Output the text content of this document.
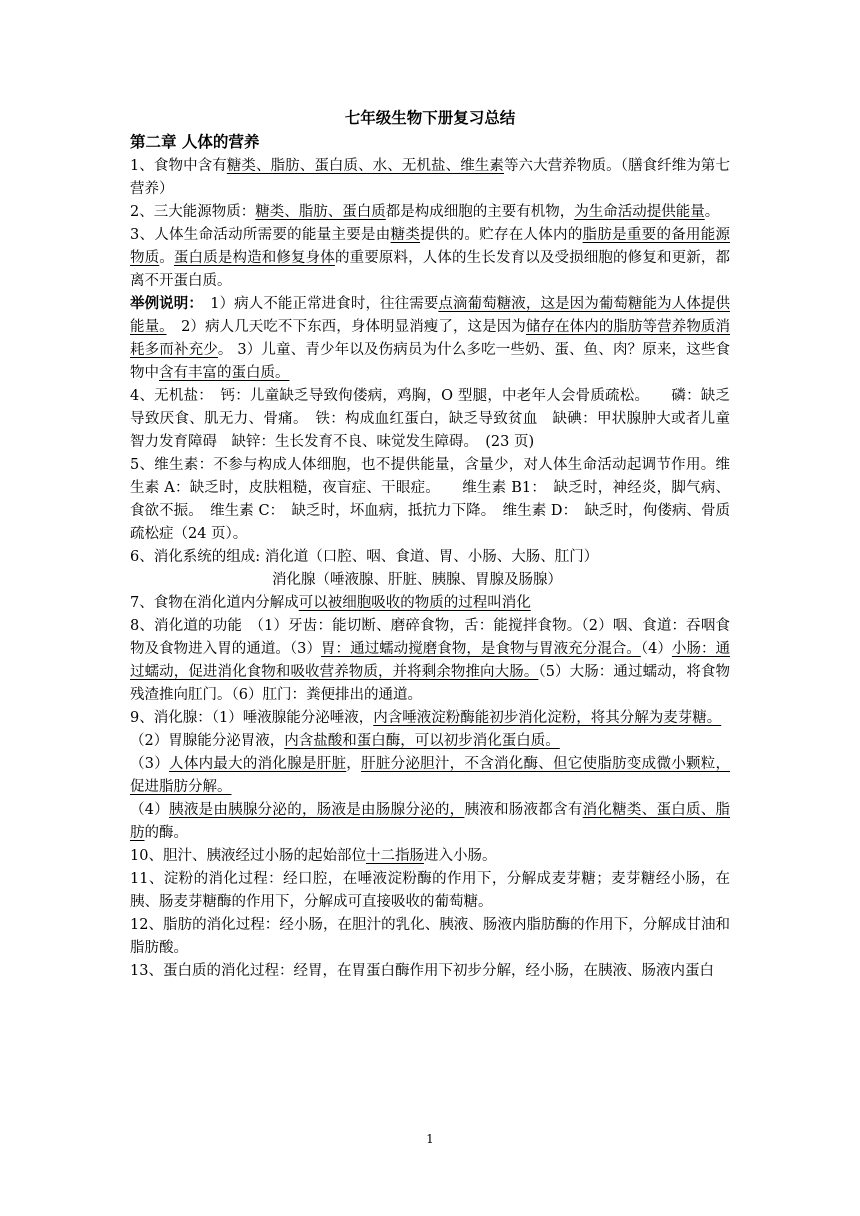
七年级生物下册复习总结
第二章 人体的营养

1、食物中含有糖类、脂肪、蛋白质、水、无机盐、维生素等六大营养物质。（膳食纤维为第七营养）

2、三大能源物质：糖类、脂肪、蛋白质都是构成细胞的主要有机物，为生命活动提供能量。

3、人体生命活动所需要的能量主要是由糖类提供的。贮存在人体内的脂肪是重要的备用能源物质。蛋白质是构造和修复身体的重要原料，人体的生长发育以及受损细胞的修复和更新，都离不开蛋白质。

举例说明：　1）病人不能正常进食时，往往需要点滴葡萄糖液，这是因为葡萄糖能为人体提供能量。　2）病人几天吃不下东西，身体明显消瘦了，这是因为储存在体内的脂肪等营养物质消耗多而补充少。 3）儿童、青少年以及伤病员为什么多吃一些奶、蛋、鱼、肉？原来，这些食物中含有丰富的蛋白质。

4、无机盐：　钙：儿童缺乏导致佝偻病，鸡胸，O 型腿，中老年人会骨质疏松。　　磷：缺乏导致厌食、肌无力、骨痛。　铁：构成血红蛋白，缺乏导致贫血　缺碘：甲状腺肿大或者儿童智力发育障碍　缺锌：生长发育不良、味觉发生障碍。　(23 页)

5、维生素：不参与构成人体细胞，也不提供能量，含量少，对人体生命活动起调节作用。维生素 A：缺乏时，皮肤粗糙，夜盲症、干眼症。　　维生素 B1：　缺乏时，神经炎，脚气病、食欲不振。　维生素 C：　缺乏时，坏血病，抵抗力下降。　维生素 D：　缺乏时，佝偻病、骨质疏松症（24 页）。

6、消化系统的组成: 消化道（口腔、咽、食道、胃、小肠、大肠、肛门）

消化腺（唾液腺、肝脏、胰腺、胃腺及肠腺）

7、食物在消化道内分解成可以被细胞吸收的物质的过程叫消化

8、消化道的功能　（1）牙齿：能切断、磨碎食物，舌：能搅拌食物。（2）咽、食道：吞咽食物及食物进入胃的通道。（3）胃：通过蠕动搅磨食物，是食物与胃液充分混合。（4）小肠：通过蠕动，促进消化食物和吸收营养物质，并将剩余物推向大肠。（5）大肠：通过蠕动，将食物残渣推向肛门。（6）肛门：粪便排出的通道。

9、消化腺：（1）唾液腺能分泌唾液，内含唾液淀粉酶能初步消化淀粉，将其分解为麦芽糖。

（2）胃腺能分泌胃液，内含盐酸和蛋白酶，可以初步消化蛋白质。

（3）人体内最大的消化腺是肝脏，肝脏分泌胆汁，不含消化酶、但它使脂肪变成微小颗粒，促进脂肪分解。

（4）胰液是由胰腺分泌的，肠液是由肠腺分泌的，胰液和肠液都含有消化糖类、蛋白质、脂肪的酶。

10、胆汁、胰液经过小肠的起始部位十二指肠进入小肠。

11、淀粉的消化过程：经口腔，在唾液淀粉酶的作用下，分解成麦芽糖；麦芽糖经小肠，在胰、肠麦芽糖酶的作用下，分解成可直接吸收的葡萄糖。

12、脂肪的消化过程：经小肠，在胆汁的乳化、胰液、肠液内脂肪酶的作用下，分解成甘油和脂肪酸。

13、蛋白质的消化过程：经胃，在胃蛋白酶作用下初步分解，经小肠，在胰液、肠液内蛋白

1
